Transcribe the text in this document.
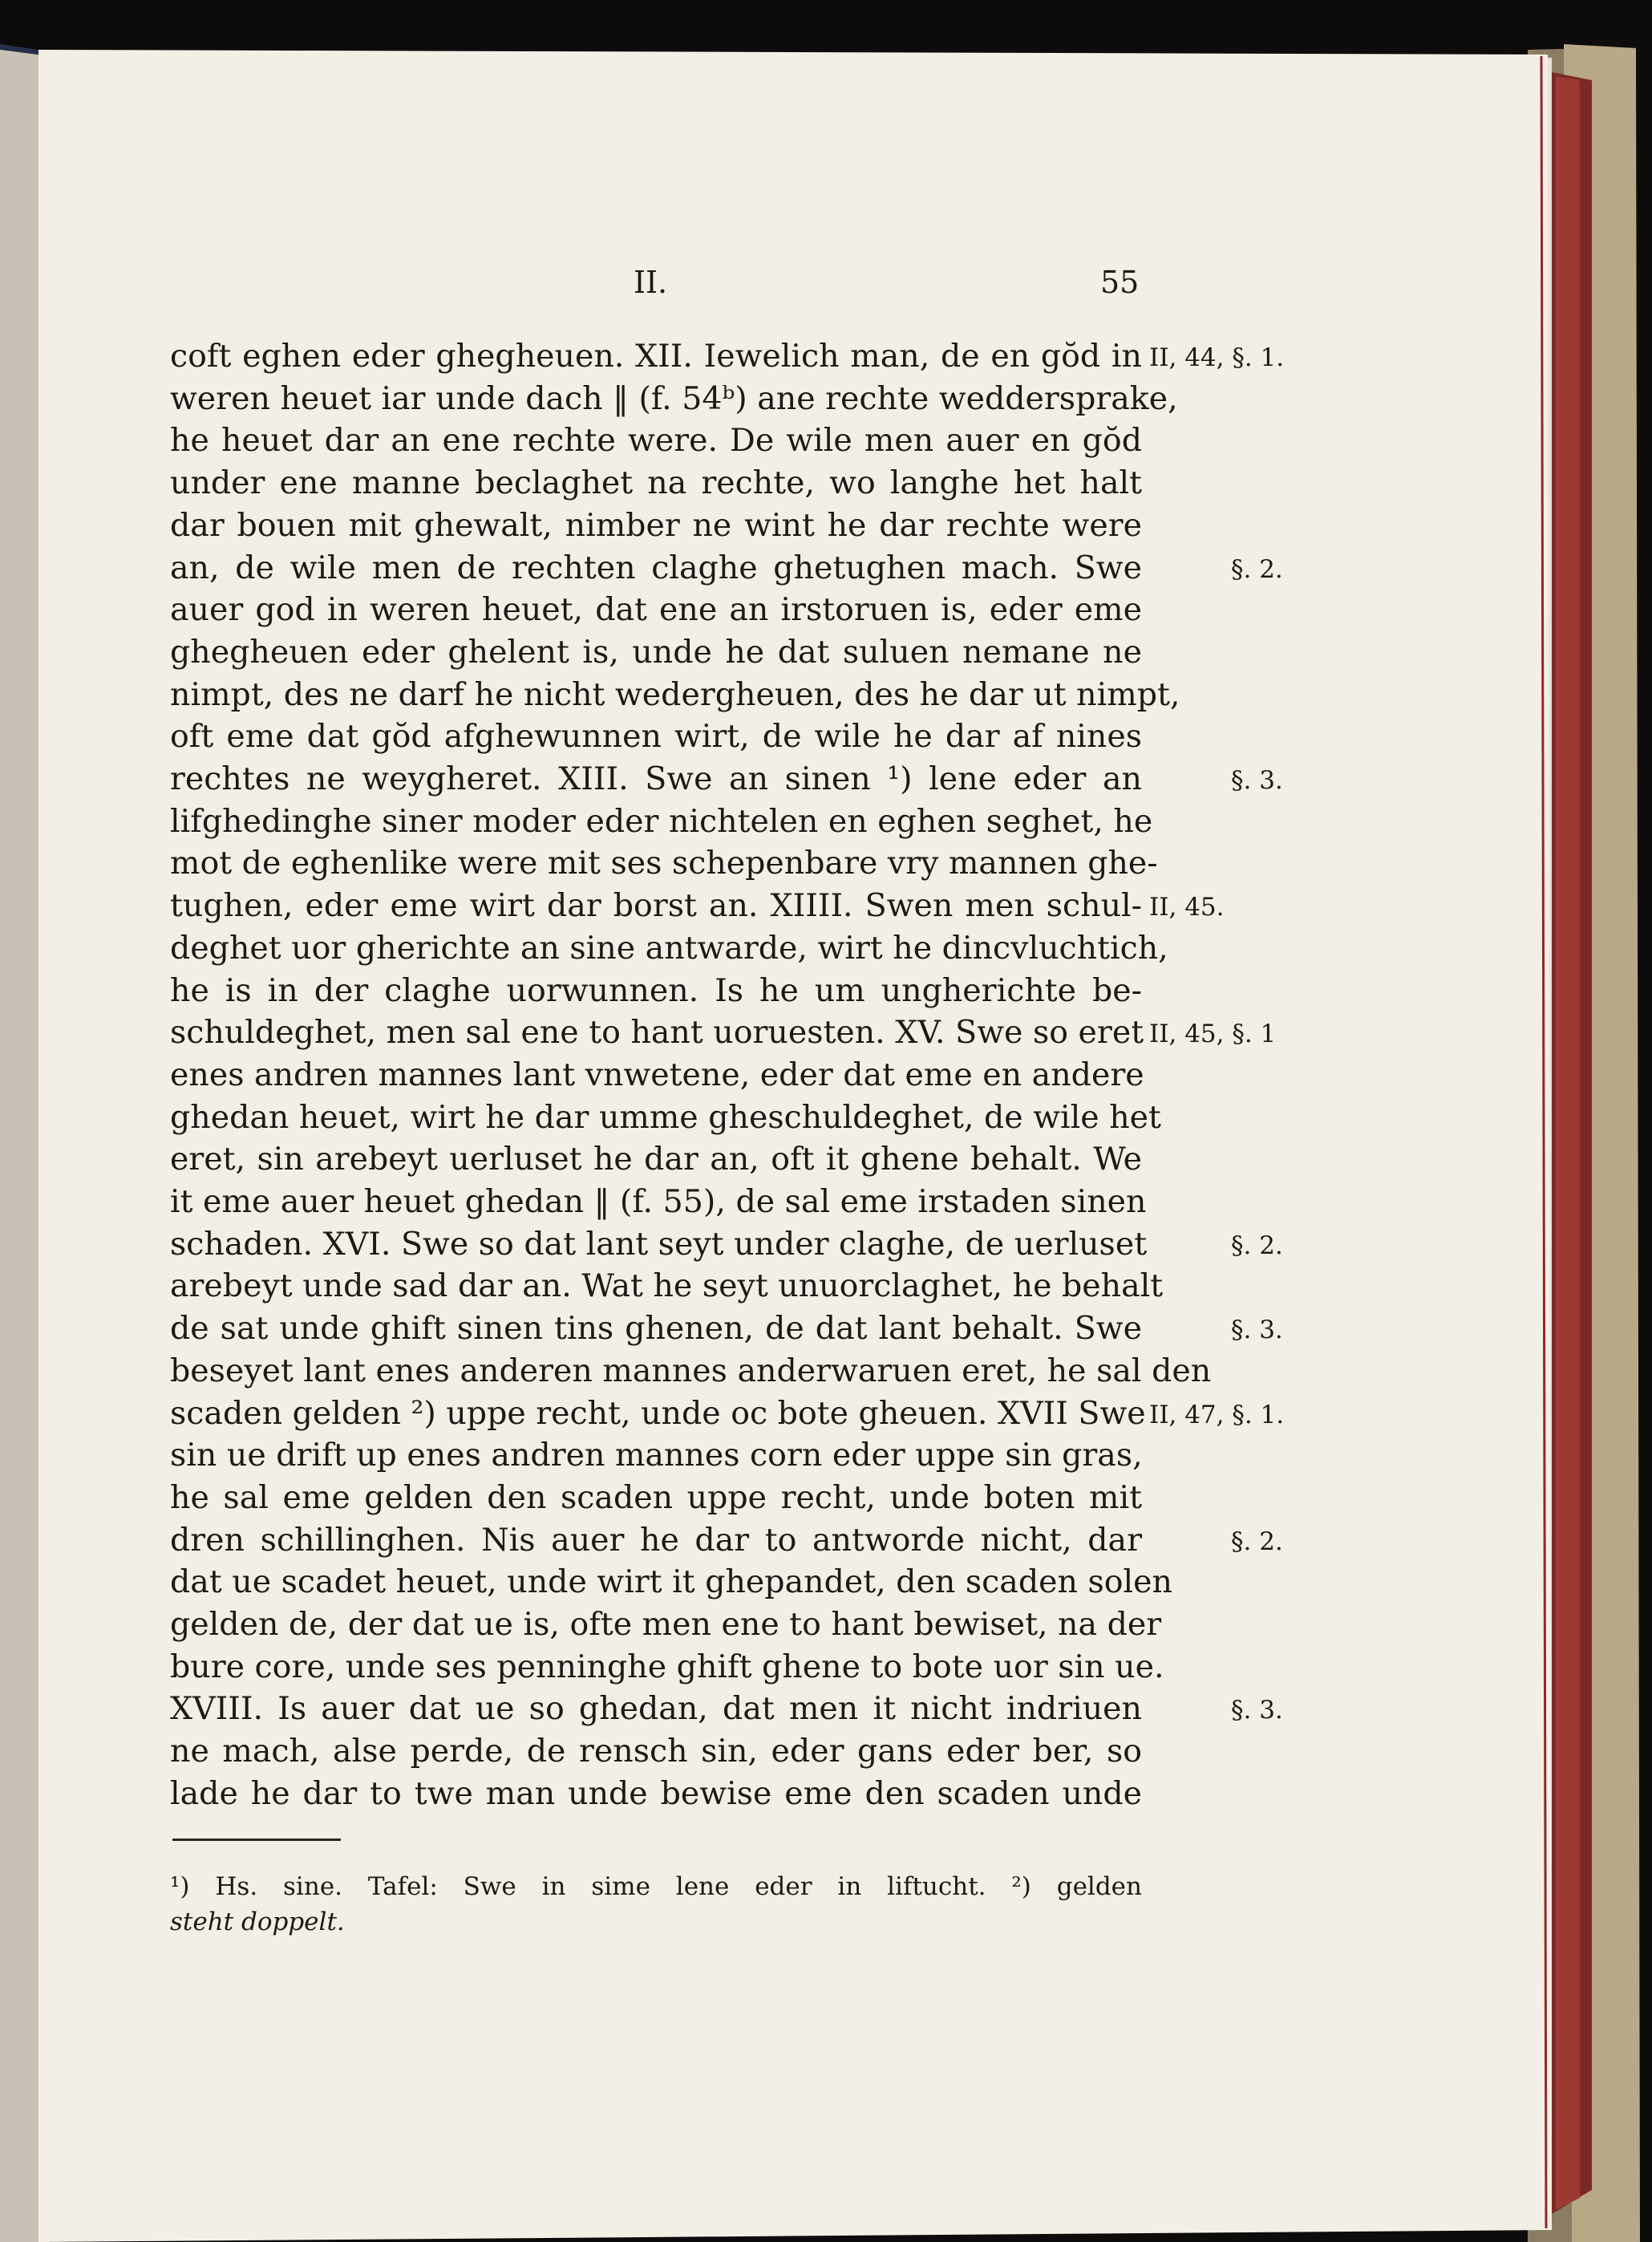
II.	55
coft eghen eder ghegheuen. XII. Iewelich man, de en gŏd in
weren heuet iar unde dach ‖ (f. 54ᵇ) ane rechte weddersprake,
he heuet dar an ene rechte were. De wile men auer en gŏd
under ene manne beclaghet na rechte, wo langhe het halt
dar bouen mit ghewalt, nimber ne wint he dar rechte were
an, de wile men de rechten claghe ghetughen mach. Swe
auer god in weren heuet, dat ene an irstoruen is, eder eme
ghegheuen eder ghelent is, unde he dat suluen nemane ne
nimpt, des ne darf he nicht wederghеuen, des he dar ut nimpt,
oft eme dat gŏd afghewunnen wirt, de wile he dar af nines
rechtes ne weygheret. XIII. Swe an sinen ¹) lene eder an
lifghedinghe siner moder eder nichtelen en eghen seghet, he
mot de eghenlike were mit ses schepenbare vry mannen ghe-
tughen, eder eme wirt dar borst an. XIIII. Swen men schul-
deghet uor gherichte an sine antwarde, wirt he dincvluchtich,
he is in der claghe uorwunnen. Is he um ungherichte be-
schuldeghet, men sal ene to hant uoruesten. XV. Swe so eret
enes andren mannes lant vnwetene, eder dat eme en andere
ghedan heuet, wirt he dar umme gheschuldeghet, de wile het
eret, sin arebeyt uerluset he dar an, oft it ghene behalt. We
it eme auer heuet ghedan ‖ (f. 55), de sal eme irstaden sinen
schaden. XVI. Swe so dat lant seyt under claghe, de uerluset
arebeyt unde sad dar an. Wat he seyt unuorclaghet, he behalt
de sat unde ghift sinen tins ghenen, de dat lant behalt. Swe
beseyet lant enes anderen mannes anderwaruen eret, he sal den
scaden gelden ²) uppe recht, unde oc bote gheuen. XVII Swe
sin ue drift up enes andren mannes corn eder uppe sin gras,
he sal eme gelden den scaden uppe recht, unde boten mit
dren schillinghen. Nis auer he dar to antworde nicht, dar
dat ue scadet heuet, unde wirt it ghepandet, den scaden solen
gelden de, der dat ue is, ofte men ene to hant bewiset, na der
bure core, unde ses penninghe ghift ghene to bote uor sin ue.
XVIII. Is auer dat ue so ghedan, dat men it nicht indriuen
ne mach, alse perde, de rensch sin, eder gans eder ber, so
lade he dar to twe man unde bewise eme den scaden unde
II, 44, §. 1.
§. 2.
§. 3.
II, 45.
II, 45, §. 1
§. 2.
§. 3.
II, 47, §. 1.
§. 2.
§. 3.
¹) Hs. sine. Tafel: Swe in sime lene eder in liftucht. ²) gelden
steht doppelt.
